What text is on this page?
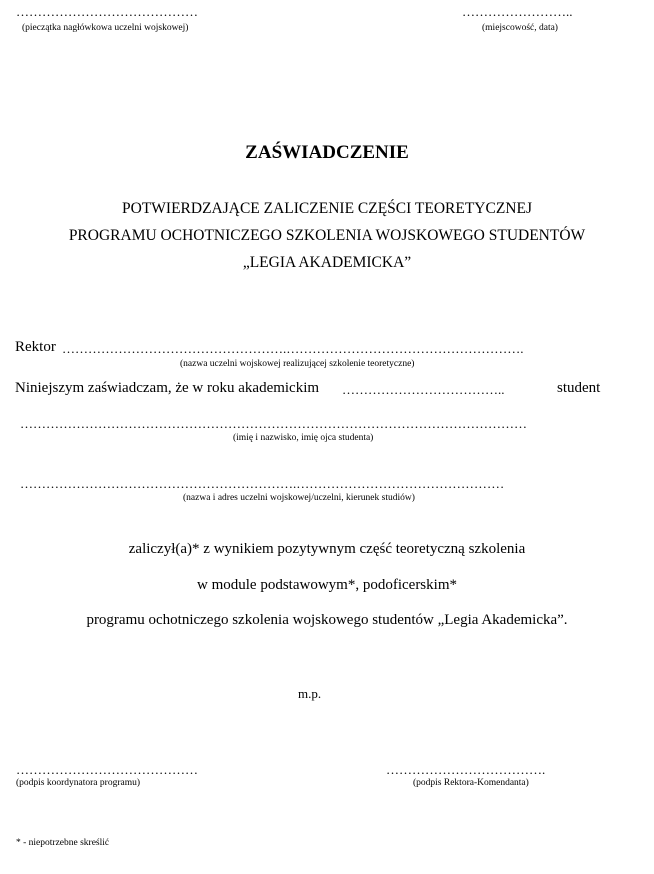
……………………………………
(pieczątka nagłówkowa uczelni wojskowej)
……………………..
(miejscowość, data)
ZAŚWIADCZENIE
POTWIERDZAJĄCE ZALICZENIE CZĘŚCI TEORETYCZNEJ
PROGRAMU OCHOTNICZEGO SZKOLENIA WOJSKOWEGO STUDENTÓW
„LEGIA AKADEMICKA”
Rektor …………………………………………….……………………………………………….
(nazwa uczelni wojskowej realizującej szkolenie teoretyczne)
Niniejszym zaświadczam, że w roku akademickim ………………………………..	student
………………………………………………………………………………………………………
(imię i nazwisko, imię ojca studenta)
……………………………………………………….…………………………………………
(nazwa i adres uczelni wojskowej/uczelni, kierunek studiów)
zaliczył(a)* z wynikiem pozytywnym część teoretyczną szkolenia
w module podstawowym*, podoficerskim*
programu ochotniczego szkolenia wojskowego studentów „Legia Akademicka”.
m.p.
……………………………………
(podpis koordynatora programu)
……………………………….
(podpis Rektora-Komendanta)
* - niepotrzebne skreślić
